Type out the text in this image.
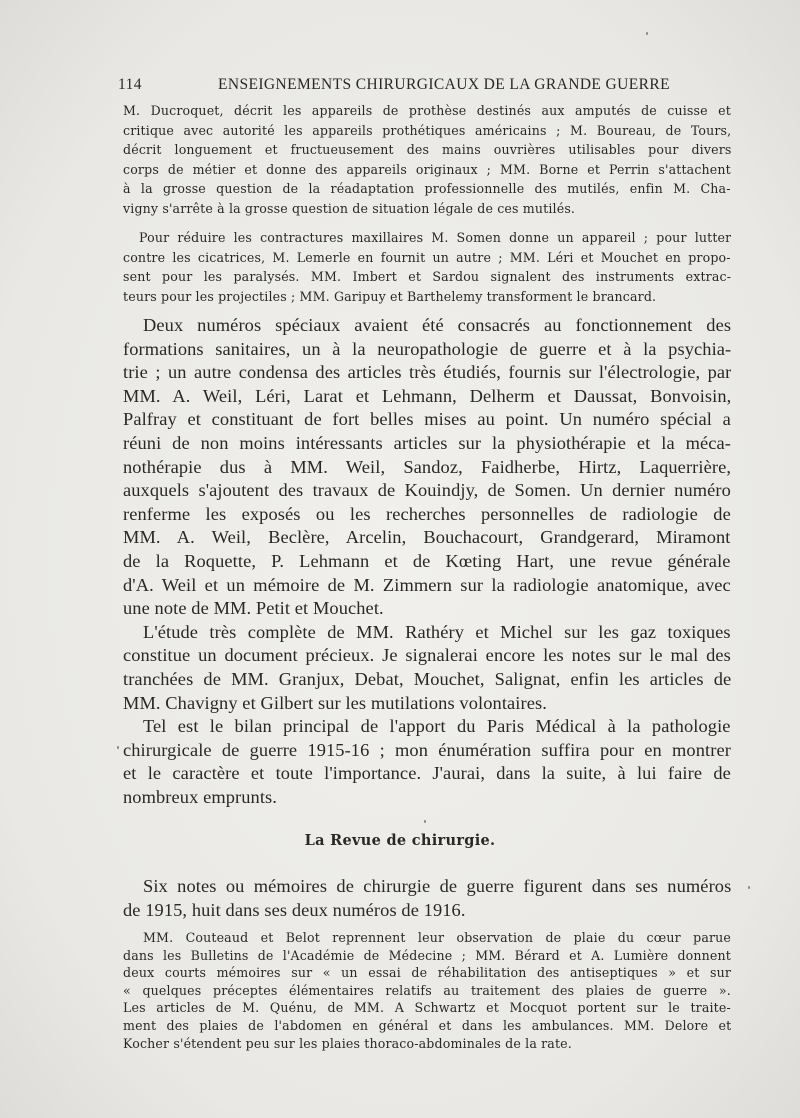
114	ENSEIGNEMENTS CHIRURGICAUX DE LA GRANDE GUERRE
M. Ducroquet, décrit les appareils de prothèse destinés aux amputés de cuisse et
critique avec autorité les appareils prothétiques américains ; M. Boureau, de Tours,
décrit longuement et fructueusement des mains ouvrières utilisables pour divers
corps de métier et donne des appareils originaux ; MM. Borne et Perrin s'attachent
à la grosse question de la réadaptation professionnelle des mutilés, enfin M. Cha-
vigny s'arrête à la grosse question de situation légale de ces mutilés.
Pour réduire les contractures maxillaires M. Somen donne un appareil ; pour lutter
contre les cicatrices, M. Lemerle en fournit un autre ; MM. Léri et Mouchet en propo-
sent pour les paralysés. MM. Imbert et Sardou signalent des instruments extrac-
teurs pour les projectiles ; MM. Garipuy et Barthelemy transforment le brancard.
Deux numéros spéciaux avaient été consacrés au fonctionnement des
formations sanitaires, un à la neuropathologie de guerre et à la psychia-
trie ; un autre condensa des articles très étudiés, fournis sur l'électrologie, par
MM. A. Weil, Léri, Larat et Lehmann, Delherm et Daussat, Bonvoisin,
Palfray et constituant de fort belles mises au point. Un numéro spécial a
réuni de non moins intéressants articles sur la physiothérapie et la méca-
nothérapie dus à MM. Weil, Sandoz, Faidherbe, Hirtz, Laquerrière,
auxquels s'ajoutent des travaux de Kouindjy, de Somen. Un dernier numéro
renferme les exposés ou les recherches personnelles de radiologie de
MM. A. Weil, Beclère, Arcelin, Bouchacourt, Grandgerard, Miramont
de la Roquette, P. Lehmann et de Kœting Hart, une revue générale
d'A. Weil et un mémoire de M. Zimmern sur la radiologie anatomique, avec
une note de MM. Petit et Mouchet.
L'étude très complète de MM. Rathéry et Michel sur les gaz toxiques
constitue un document précieux. Je signalerai encore les notes sur le mal des
tranchées de MM. Granjux, Debat, Mouchet, Salignat, enfin les articles de
MM. Chavigny et Gilbert sur les mutilations volontaires.
Tel est le bilan principal de l'apport du Paris Médical à la pathologie
chirurgicale de guerre 1915-16 ; mon énumération suffira pour en montrer
et le caractère et toute l'importance. J'aurai, dans la suite, à lui faire de
nombreux emprunts.
La Revue de chirurgie.
Six notes ou mémoires de chirurgie de guerre figurent dans ses numéros
de 1915, huit dans ses deux numéros de 1916.
MM. Couteaud et Belot reprennent leur observation de plaie du cœur parue
dans les Bulletins de l'Académie de Médecine ; MM. Bérard et A. Lumière donnent
deux courts mémoires sur « un essai de réhabilitation des antiseptiques » et sur
« quelques préceptes élémentaires relatifs au traitement des plaies de guerre ».
Les articles de M. Quénu, de MM. A Schwartz et Mocquot portent sur le traite-
ment des plaies de l'abdomen en général et dans les ambulances. MM. Delore et
Kocher s'étendent peu sur les plaies thoraco-abdominales de la rate.
